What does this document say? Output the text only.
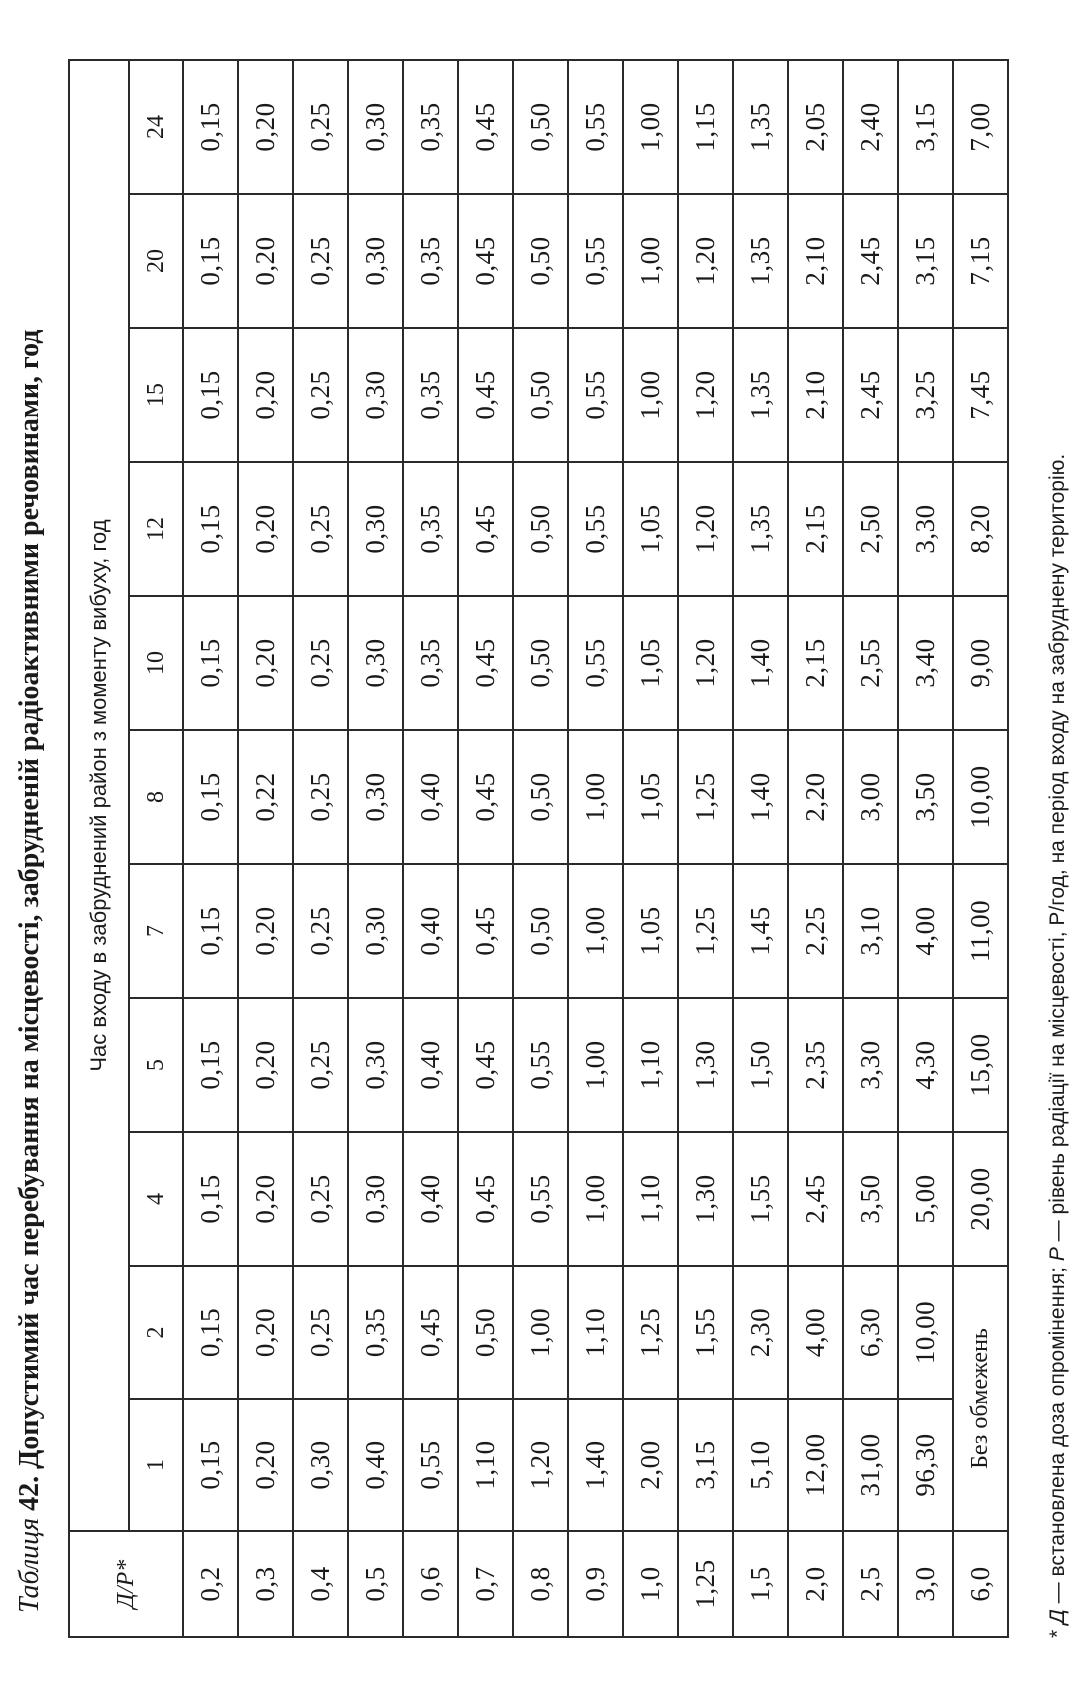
Таблиця 42. Допустимий час перебування на місцевості, забрудненій радіоактивними речовинами, год
Д/Р*	Час входу в забруднений район з моменту вибуху, год										
	1	2	4	5	7	8	10	12	15	20	24
0,2	0,15	0,15	0,15	0,15	0,15	0,15	0,15	0,15	0,15	0,15	0,15
0,3	0,20	0,20	0,20	0,20	0,20	0,22	0,20	0,20	0,20	0,20	0,20
0,4	0,30	0,25	0,25	0,25	0,25	0,25	0,25	0,25	0,25	0,25	0,25
0,5	0,40	0,35	0,30	0,30	0,30	0,30	0,30	0,30	0,30	0,30	0,30
0,6	0,55	0,45	0,40	0,40	0,40	0,40	0,35	0,35	0,35	0,35	0,35
0,7	1,10	0,50	0,45	0,45	0,45	0,45	0,45	0,45	0,45	0,45	0,45
0,8	1,20	1,00	0,55	0,55	0,50	0,50	0,50	0,50	0,50	0,50	0,50
0,9	1,40	1,10	1,00	1,00	1,00	1,00	0,55	0,55	0,55	0,55	0,55
1,0	2,00	1,25	1,10	1,10	1,05	1,05	1,05	1,05	1,00	1,00	1,00
1,25	3,15	1,55	1,30	1,30	1,25	1,25	1,20	1,20	1,20	1,20	1,15
1,5	5,10	2,30	1,55	1,50	1,45	1,40	1,40	1,35	1,35	1,35	1,35
2,0	12,00	4,00	2,45	2,35	2,25	2,20	2,15	2,15	2,10	2,10	2,05
2,5	31,00	6,30	3,50	3,30	3,10	3,00	2,55	2,50	2,45	2,45	2,40
3,0	96,30	10,00	5,00	4,30	4,00	3,50	3,40	3,30	3,25	3,15	3,15
6,0	Без обмежень		20,00	15,00	11,00	10,00	9,00	8,20	7,45	7,15	7,00
* Д — встановлена доза опромінення; Р — рівень радіації на місцевості, Р/год, на період входу на забруднену територію.
